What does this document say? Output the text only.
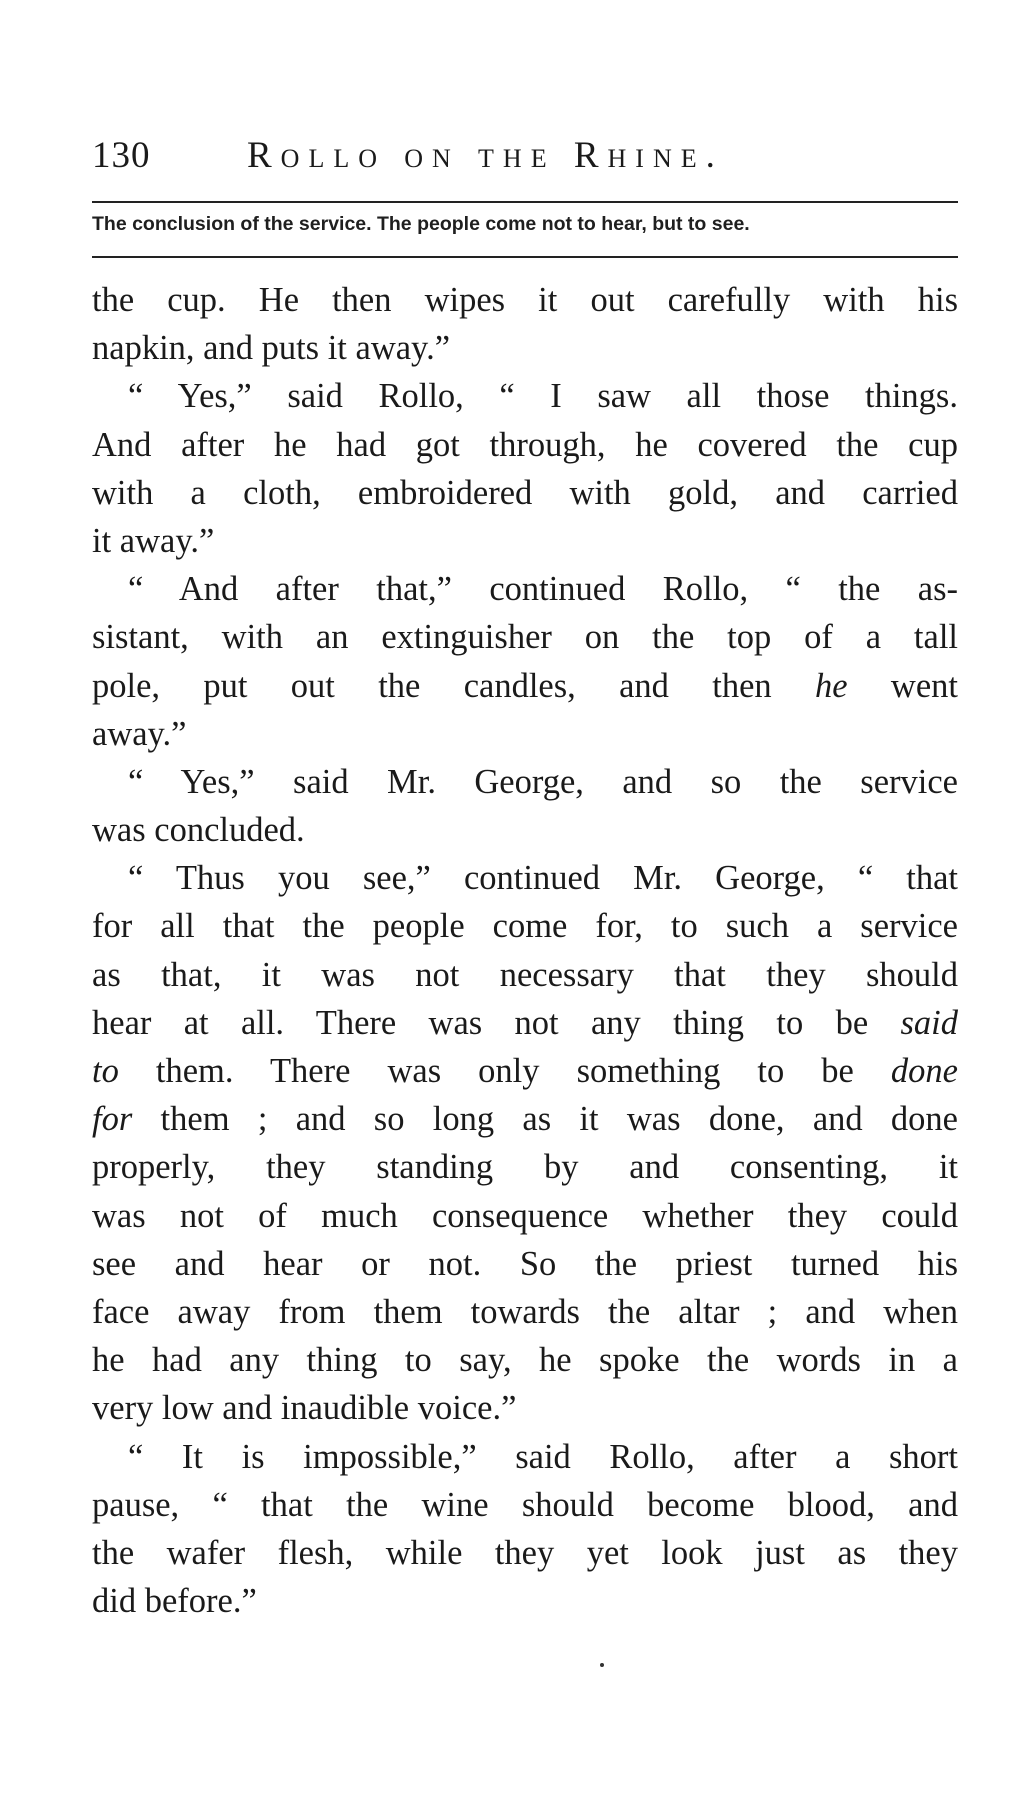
130	Rollo on the Rhine.
The conclusion of the service. The people come not to hear, but to see.
the cup. He then wipes it out carefully with his
napkin, and puts it away.”
“ Yes,” said Rollo, “ I saw all those things.
And after he had got through, he covered the cup
with a cloth, embroidered with gold, and carried
it away.”
“ And after that,” continued Rollo, “ the as-
sistant, with an extinguisher on the top of a tall
pole, put out the candles, and then he went
away.”
“ Yes,” said Mr. George, and so the service
was concluded.
“ Thus you see,” continued Mr. George, “ that
for all that the people come for, to such a service
as that, it was not necessary that they should
hear at all. There was not any thing to be said
to them. There was only something to be done
for them ; and so long as it was done, and done
properly, they standing by and consenting, it
was not of much consequence whether they could
see and hear or not. So the priest turned his
face away from them towards the altar ; and when
he had any thing to say, he spoke the words in a
very low and inaudible voice.”
“ It is impossible,” said Rollo, after a short
pause, “ that the wine should become blood, and
the wafer flesh, while they yet look just as they
did before.”
